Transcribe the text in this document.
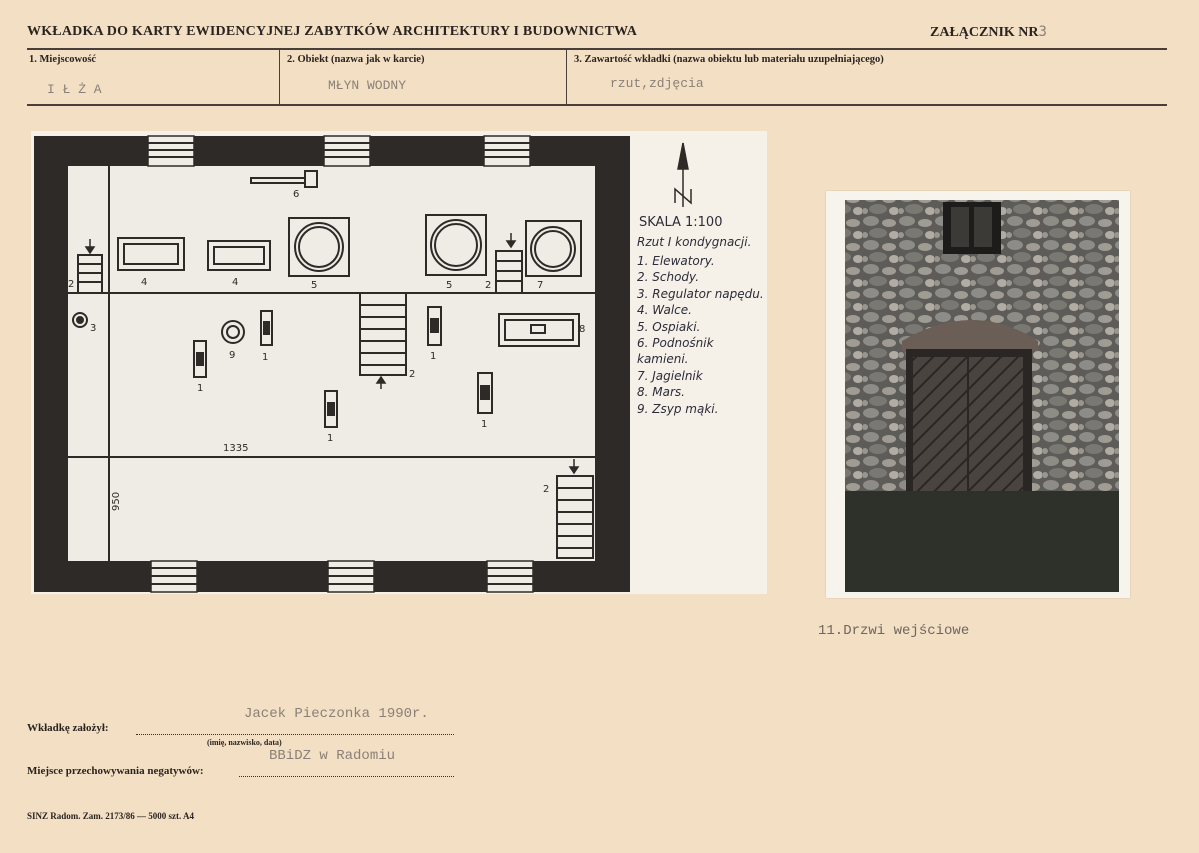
WKŁADKA DO KARTY EWIDENCYJNEJ ZABYTKÓW ARCHITEKTURY I BUDOWNICTWA	ZAŁĄCZNIK NR3
1. Miejscowość
I Ł Ż A
2. Obiekt (nazwa jak w karcie)
MŁYN WODNY
3. Zawartość wkładki (nazwa obiektu lub materiału uzupełniającego)
rzut,zdjęcia
2	4	4	5	5	2	7
6
3
9	1
1
1
1
1
2
8
2
1335
950
SKALA 1:100
Rzut I kondygnacji.
1. Elewatory.
2. Schody.
3. Regulator napędu.
4. Walce.
5. Ospiaki.
6. Podnośnik kamieni.
7. Jagielnik
8. Mars.
9. Zsyp mąki.
11.Drzwi wejściowe
Wkładkę założył:
Jacek Pieczonka 1990r.
(imię, nazwisko, data)
Miejsce przechowywania negatywów:
BBiDZ w Radomiu
SINZ Radom. Zam. 2173/86 — 5000 szt. A4
